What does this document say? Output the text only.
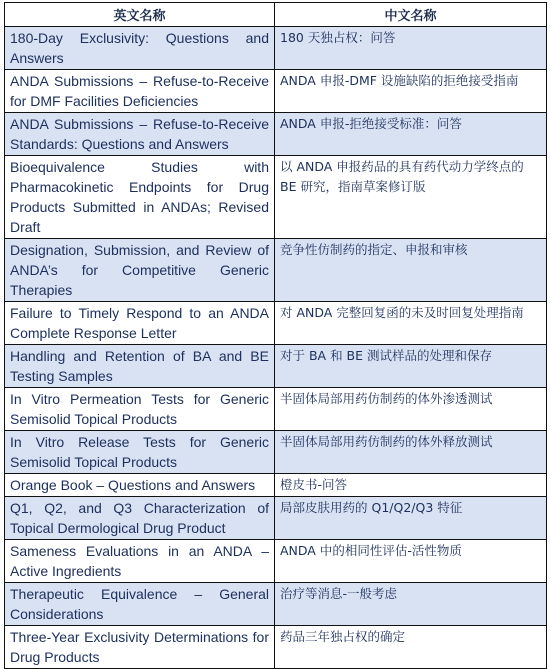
英文名称	中文名称
180-Day Exclusivity: Questions and Answers	180 天独占权：问答
ANDA Submissions – Refuse-to-Receive for DMF Facilities Deficiencies	ANDA 申报-DMF 设施缺陷的拒绝接受指南
ANDA Submissions – Refuse-to-Receive Standards: Questions and Answers	ANDA 申报-拒绝接受标准：问答
Bioequivalence Studies with Pharmacokinetic Endpoints for Drug Products Submitted in ANDAs; Revised Draft	以 ANDA 申报药品的具有药代动力学终点的 BE 研究，指南草案修订版
Designation, Submission, and Review of ANDA’s for Competitive Generic Therapies	竞争性仿制药的指定、申报和审核
Failure to Timely Respond to an ANDA Complete Response Letter	对 ANDA 完整回复函的未及时回复处理指南
Handling and Retention of BA and BE Testing Samples	对于 BA 和 BE 测试样品的处理和保存
In Vitro Permeation Tests for Generic Semisolid Topical Products	半固体局部用药仿制药的体外渗透测试
In Vitro Release Tests for Generic Semisolid Topical Products	半固体局部用药仿制药的体外释放测试
Orange Book – Questions and Answers	橙皮书-问答
Q1, Q2, and Q3 Characterization of Topical Dermological Drug Product	局部皮肤用药的 Q1/Q2/Q3 特征
Sameness Evaluations in an ANDA – Active Ingredients	ANDA 中的相同性评估-活性物质
Therapeutic Equivalence – General Considerations	治疗等消息-一般考虑
Three-Year Exclusivity Determinations for Drug Products	药品三年独占权的确定
